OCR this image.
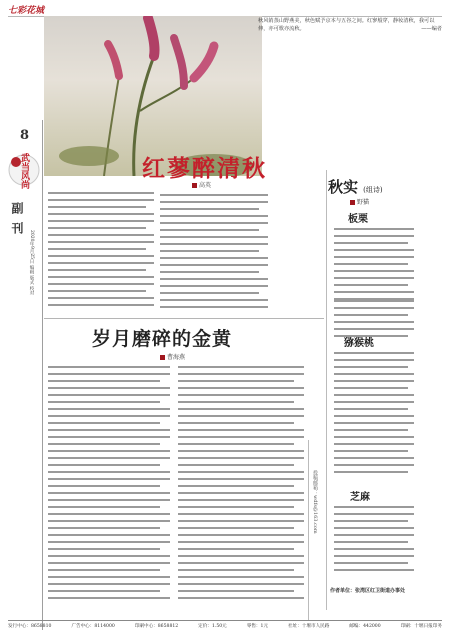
七彩花城
8
武当风尚
副刊
2020年9月25日 编辑 版式 校对
秋风销蒸山野燕美，秋色赋予京本与五谷之间。红寥般穿，静妆清秋，我可以伸，亦可歌亦流秋。	——编者
红蓼醉清秋
高英	秋实 (组诗)
野猫
板栗
猕猴桃
芝麻
作者单位：张湾区红卫街道办事处
投稿邮箱：wdfs@163.com
岁月磨碎的金黄
曹海燕
发行中心：8658810	广告中心：8114000	印刷中心：8658812	定价：1.50元	零售：1元	社址：十堰市人民路	邮编：442000	印刷：十堰日报印务
